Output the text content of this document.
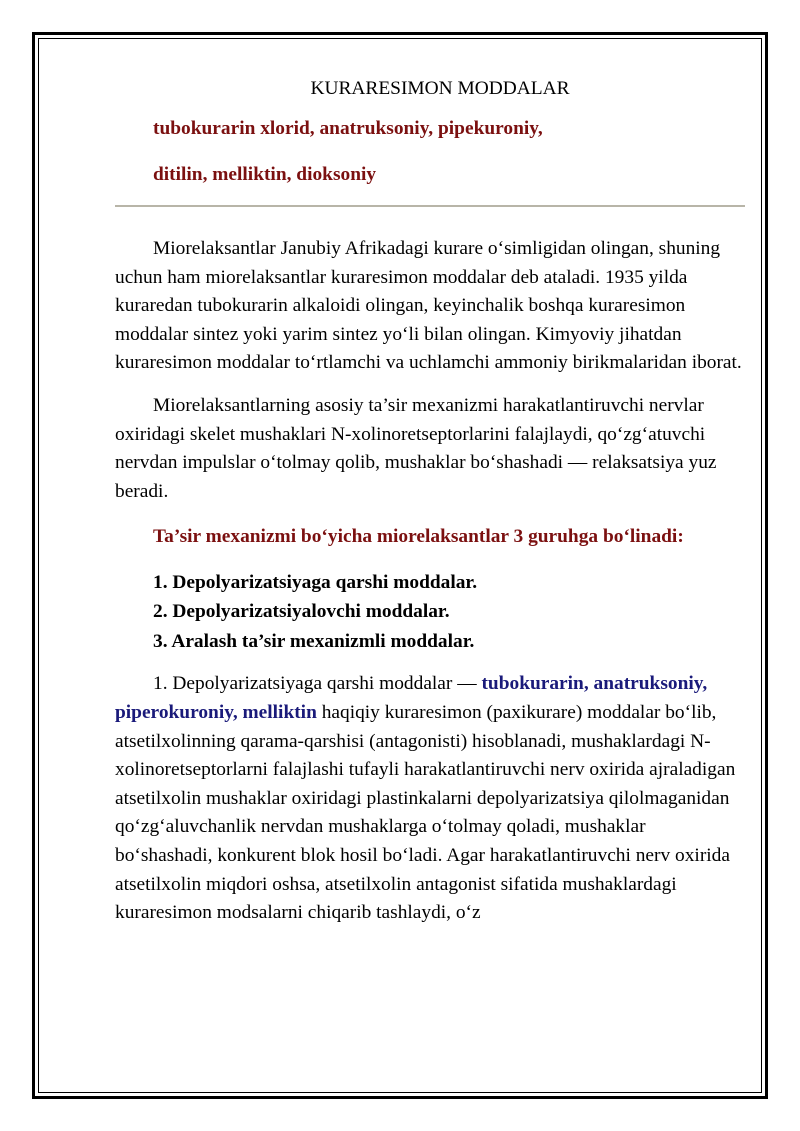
KURARESIMON MODDALAR

tubokurarin xlorid, anatruksoniy, pipekuroniy,

ditilin, melliktin, dioksoniy

Miorelaksantlar Janubiy Afrikadagi kurare o‘simligidan olingan, shuning uchun ham miorelaksantlar kuraresimon moddalar deb ataladi. 1935 yilda kuraredan tubokurarin alkaloidi olingan, keyinchalik boshqa kuraresimon moddalar sintez yoki yarim sintez yo‘li bilan olingan. Kimyoviy jihatdan kuraresimon moddalar to‘rtlamchi va uchlamchi ammoniy birikmalaridan iborat.

Miorelaksantlarning asosiy ta’sir mexanizmi harakatlantiruvchi nervlar oxiridagi skelet mushaklari N-xolinoretseptorlarini falajlaydi, qo‘zg‘atuvchi nervdan impulslar o‘tolmay qolib, mushaklar bo‘shashadi — relaksatsiya yuz beradi.

Ta’sir mexanizmi bo‘yicha miorelaksantlar 3 guruhga bo‘linadi:

1. Depolyarizatsiyaga qarshi moddalar.
2. Depolyarizatsiyalovchi moddalar.
3. Aralash ta’sir mexanizmli moddalar.

1. Depolyarizatsiyaga qarshi moddalar — tubokurarin, anatruksoniy, piperokuroniy, melliktin haqiqiy kuraresimon (paxikurare) moddalar bo‘lib, atsetilxolinning qarama-qarshisi (antagonisti) hisoblanadi, mushaklardagi N-xolinoretseptorlarni falajlashi tufayli harakatlantiruvchi nerv oxirida ajraladigan atsetilxolin mushaklar oxiridagi plastinkalarni depolyarizatsiya qilolmaganidan qo‘zg‘aluvchanlik nervdan mushaklarga o‘tolmay qoladi, mushaklar bo‘shashadi, konkurent blok hosil bo‘ladi. Agar harakatlantiruvchi nerv oxirida atsetilxolin miqdori oshsa, atsetilxolin antagonist sifatida mushaklardagi kuraresimon modsalarni chiqarib tashlaydi, o‘z
